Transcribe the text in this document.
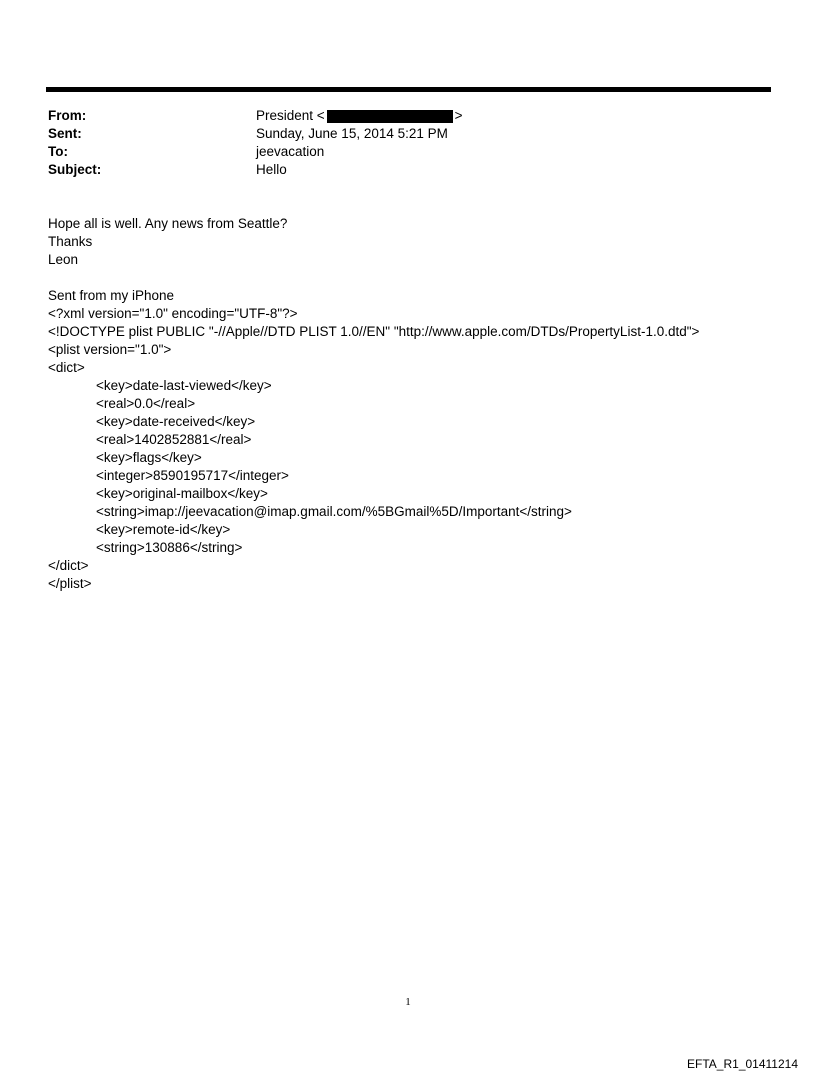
From:	President <	>
Sent:	Sunday, June 15, 2014 5:21 PM
To:	jeevacation
Subject:	Hello
Hope all is well. Any news from Seattle?
Thanks
Leon
Sent from my iPhone
<?xml version="1.0" encoding="UTF-8"?>
<!DOCTYPE plist PUBLIC "-//Apple//DTD PLIST 1.0//EN" "http://www.apple.com/DTDs/PropertyList-1.0.dtd">
<plist version="1.0">
<dict>
<key>date-last-viewed</key>
<real>0.0</real>
<key>date-received</key>
<real>1402852881</real>
<key>flags</key>
<integer>8590195717</integer>
<key>original-mailbox</key>
<string>imap://jeevacation@imap.gmail.com/%5BGmail%5D/Important</string>
<key>remote-id</key>
<string>130886</string>
</dict>
</plist>
1
EFTA_R1_01411214
